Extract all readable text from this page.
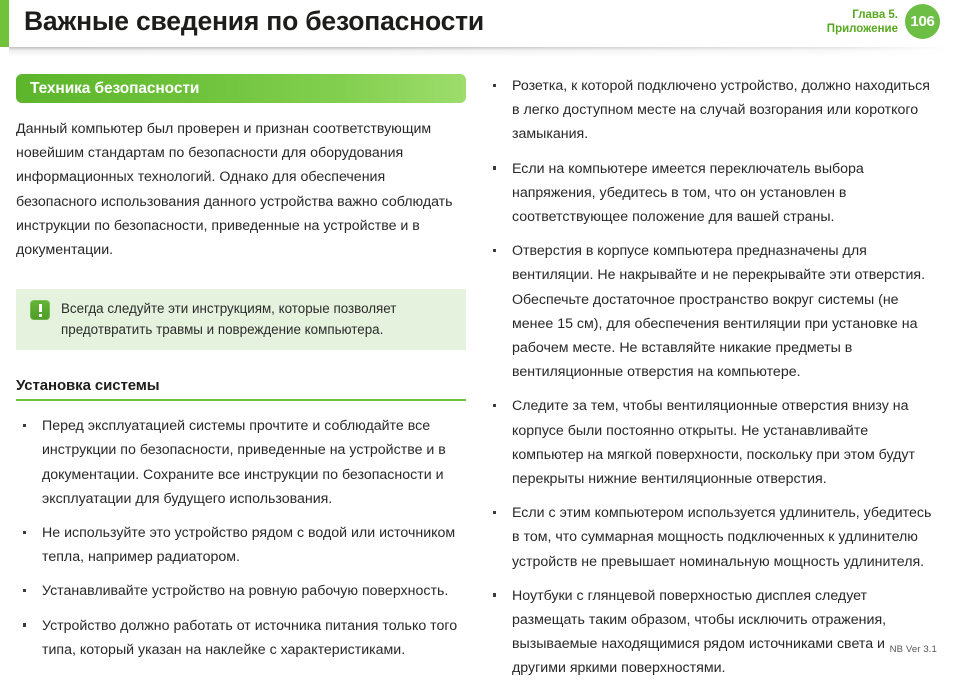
Важные сведения по безопасности	Глава 5.
Приложение 106
Техника безопасности

Данный компьютер был проверен и признан соответствующим новейшим стандартам по безопасности для оборудования информационных технологий. Однако для обеспечения безопасного использования данного устройства важно соблюдать инструкции по безопасности, приведенные на устройстве и в документации.

Всегда следуйте эти инструкциям, которые позволяет предотвратить травмы и повреждение компьютера.
Установка системы
Перед эксплуатацией системы прочтите и соблюдайте все инструкции по безопасности, приведенные на устройстве и в документации. Сохраните все инструкции по безопасности и эксплуатации для будущего использования.
Не используйте это устройство рядом с водой или источником тепла, например радиатором.
Устанавливайте устройство на ровную рабочую поверхность.
Устройство должно работать от источника питания только того типа, который указан на наклейке с характеристиками.
Розетка, к которой подключено устройство, должно находиться в легко доступном месте на случай возгорания или короткого замыкания.
Если на компьютере имеется переключатель выбора напряжения, убедитесь в том, что он установлен в соответствующее положение для вашей страны.
Отверстия в корпусе компьютера предназначены для вентиляции. Не накрывайте и не перекрывайте эти отверстия. Обеспечьте достаточное пространство вокруг системы (не менее 15 см), для обеспечения вентиляции при установке на рабочем месте. Не вставляйте никакие предметы в вентиляционные отверстия на компьютере.
Следите за тем, чтобы вентиляционные отверстия внизу на корпусе были постоянно открыты. Не устанавливайте компьютер на мягкой поверхности, поскольку при этом будут перекрыты нижние вентиляционные отверстия.
Если с этим компьютером используется удлинитель, убедитесь в том, что суммарная мощность подключенных к удлинителю устройств не превышает номинальную мощность удлинителя.
Ноутбуки с глянцевой поверхностью дисплея следует размещать таким образом, чтобы исключить отражения, вызываемые находящимися рядом источниками света и другими яркими поверхностями.
NB Ver 3.1
